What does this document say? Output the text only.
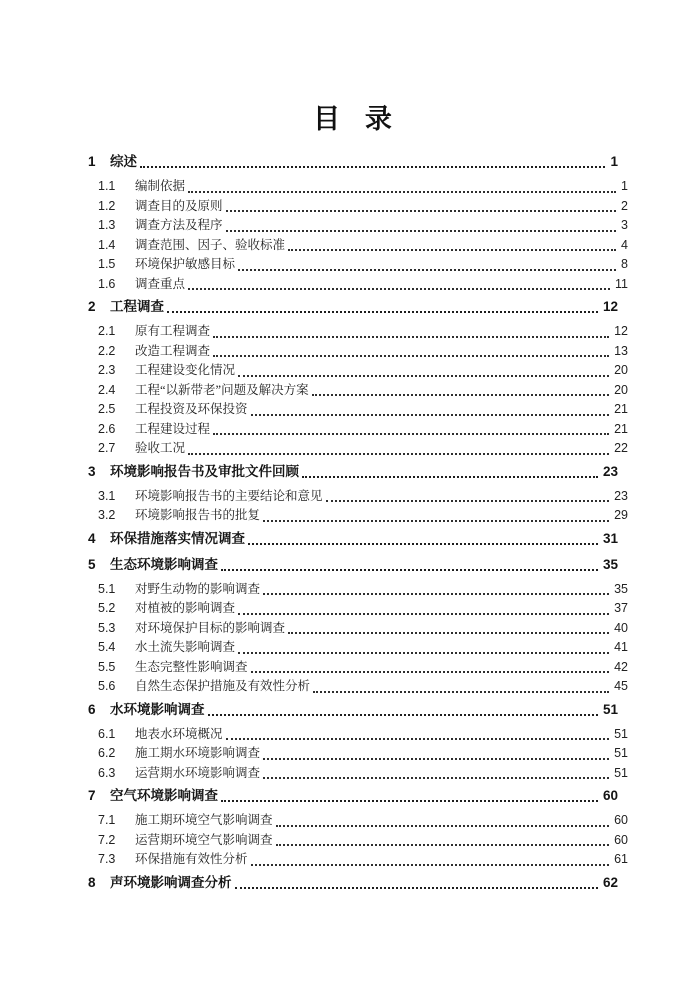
目 录
1	综述	1
1.1	编制依据	1
1.2	调查目的及原则	2
1.3	调查方法及程序	3
1.4	调查范围、因子、验收标准	4
1.5	环境保护敏感目标	8
1.6	调查重点	11
2	工程调查	12
2.1	原有工程调查	12
2.2	改造工程调查	13
2.3	工程建设变化情况	20
2.4	工程“以新带老”问题及解决方案	20
2.5	工程投资及环保投资	21
2.6	工程建设过程	21
2.7	验收工况	22
3	环境影响报告书及审批文件回顾	23
3.1	环境影响报告书的主要结论和意见	23
3.2	环境影响报告书的批复	29
4	环保措施落实情况调查	31
5	生态环境影响调查	35
5.1	对野生动物的影响调查	35
5.2	对植被的影响调查	37
5.3	对环境保护目标的影响调查	40
5.4	水土流失影响调查	41
5.5	生态完整性影响调查	42
5.6	自然生态保护措施及有效性分析	45
6	水环境影响调查	51
6.1	地表水环境概况	51
6.2	施工期水环境影响调查	51
6.3	运营期水环境影响调查	51
7	空气环境影响调查	60
7.1	施工期环境空气影响调查	60
7.2	运营期环境空气影响调查	60
7.3	环保措施有效性分析	61
8	声环境影响调查分析	62
